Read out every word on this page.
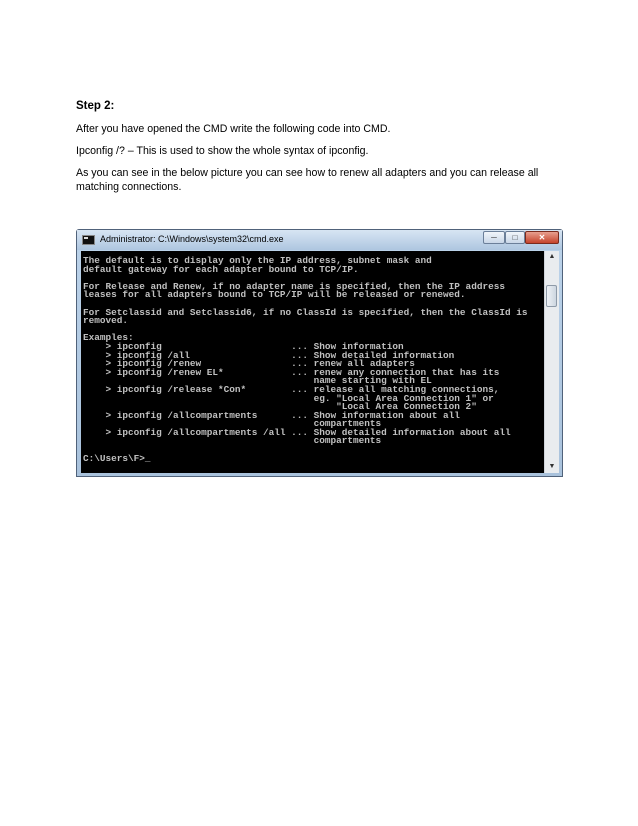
Step 2:
After you have opened the CMD write the following code into CMD.
Ipconfig /? – This is used to show the whole syntax of ipconfig.
As you can see in the below picture you can see how to renew all adapters and you can release all
matching connections.
Administrator: C:\Windows\system32\cmd.exe	─	□	✕
The default is to display only the IP address, subnet mask and
default gateway for each adapter bound to TCP/IP.

For Release and Renew, if no adapter name is specified, then the IP address
leases for all adapters bound to TCP/IP will be released or renewed.

For Setclassid and Setclassid6, if no ClassId is specified, then the ClassId is
removed.

Examples:
> ipconfig                       ... Show information
> ipconfig /all                  ... Show detailed information
> ipconfig /renew                ... renew all adapters
> ipconfig /renew EL*            ... renew any connection that has its
name starting with EL
> ipconfig /release *Con*        ... release all matching connections,
eg. "Local Area Connection 1" or
"Local Area Connection 2"
> ipconfig /allcompartments      ... Show information about all
compartments
> ipconfig /allcompartments /all ... Show detailed information about all
compartments

C:\Users\F>_
▲
▼
